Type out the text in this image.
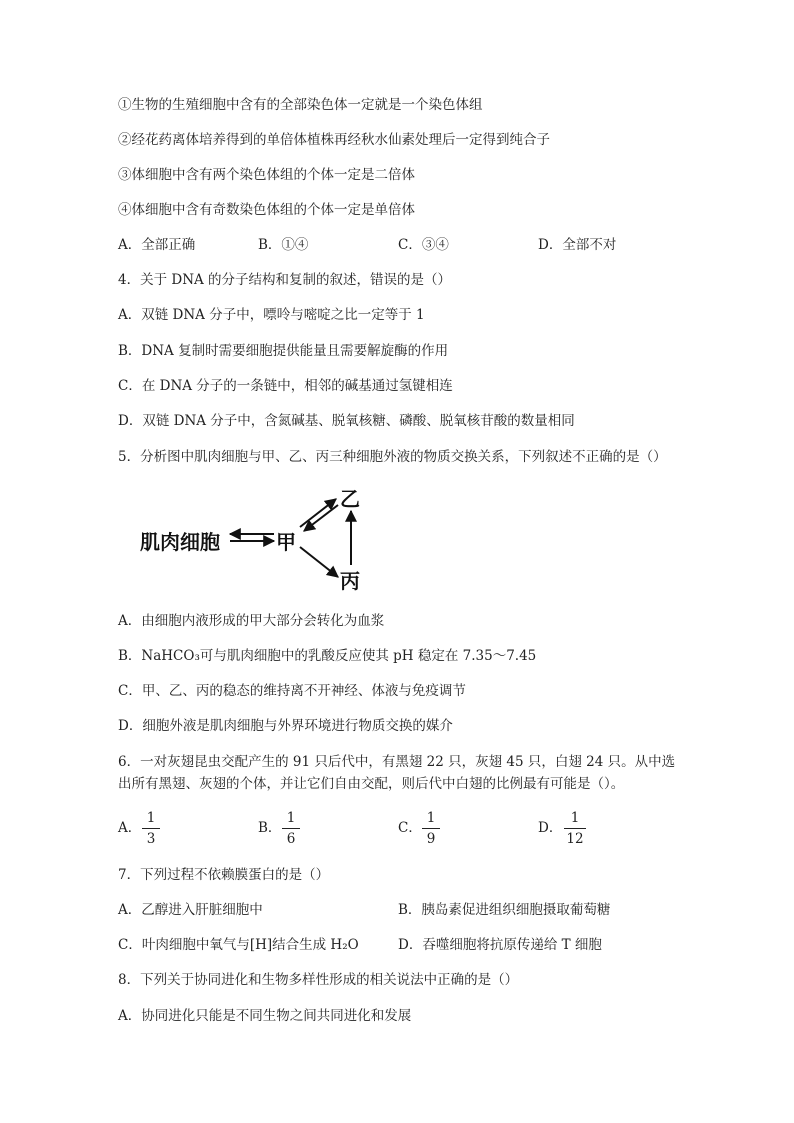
①生物的生殖细胞中含有的全部染色体一定就是一个染色体组
②经花药离体培养得到的单倍体植株再经秋水仙素处理后一定得到纯合子
③体细胞中含有两个染色体组的个体一定是二倍体
④体细胞中含有奇数染色体组的个体一定是单倍体
A．全部正确	B．①④	C．③④	D．全部不对
4．关于 DNA 的分子结构和复制的叙述，错误的是（）
A．双链 DNA 分子中，嘌呤与嘧啶之比一定等于 1
B．DNA 复制时需要细胞提供能量且需要解旋酶的作用
C．在 DNA 分子的一条链中，相邻的碱基通过氢键相连
D．双链 DNA 分子中，含氮碱基、脱氧核糖、磷酸、脱氧核苷酸的数量相同
5．分析图中肌肉细胞与甲、乙、丙三种细胞外液的物质交换关系，下列叙述不正确的是（）
肌肉细胞	甲
乙
丙
A．由细胞内液形成的甲大部分会转化为血浆
B．NaHCO₃可与肌肉细胞中的乳酸反应使其 pH 稳定在 7.35～7.45
C．甲、乙、丙的稳态的维持离不开神经、体液与免疫调节
D．细胞外液是肌肉细胞与外界环境进行物质交换的媒介
6．一对灰翅昆虫交配产生的 91 只后代中，有黑翅 22 只，灰翅 45 只，白翅 24 只。从中选
出所有黑翅、灰翅的个体，并让它们自由交配，则后代中白翅的比例最有可能是（）。
A． $\frac{1}{3}$	B． $\frac{1}{6}$	C． $\frac{1}{9}$	D． $\frac{1}{12}$
7．下列过程不依赖膜蛋白的是（）
A．乙醇进入肝脏细胞中	B．胰岛素促进组织细胞摄取葡萄糖
C．叶肉细胞中氧气与[H]结合生成 H₂O	D．吞噬细胞将抗原传递给 T 细胞
8．下列关于协同进化和生物多样性形成的相关说法中正确的是（）
A．协同进化只能是不同生物之间共同进化和发展
